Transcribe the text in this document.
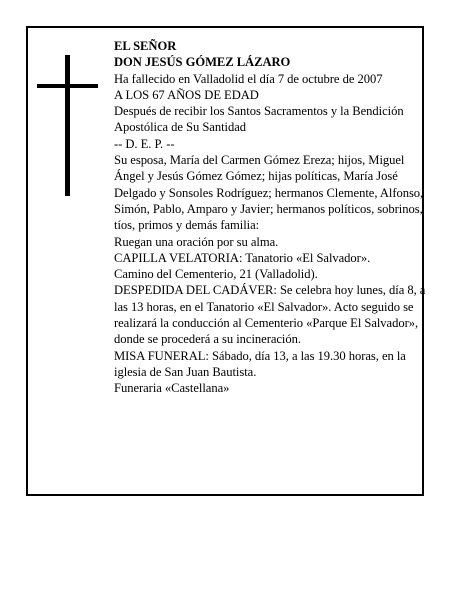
EL SEÑOR
DON JESÚS GÓMEZ LÁZARO
Ha fallecido en Valladolid el día 7 de octubre de 2007
A LOS 67 AÑOS DE EDAD
Después de recibir los Santos Sacramentos y la Bendición Apostólica de Su Santidad
-- D. E. P. --
Su esposa, María del Carmen Gómez Ereza; hijos, Miguel Ángel y Jesús Gómez Gómez; hijas políticas, María José Delgado y Sonsoles Rodríguez; hermanos Clemente, Alfonso, Simón, Pablo, Amparo y Javier; hermanos políticos, sobrinos, tíos, primos y demás familia:
Ruegan una oración por su alma.
CAPILLA VELATORIA: Tanatorio «El Salvador».
Camino del Cementerio, 21 (Valladolid).
DESPEDIDA DEL CADÁVER: Se celebra hoy lunes, día 8, a las 13 horas, en el Tanatorio «El Salvador». Acto seguido se realizará la conducción al Cementerio «Parque El Salvador», donde se procederá a su incineración.
MISA FUNERAL: Sábado, día 13, a las 19.30 horas, en la iglesia de San Juan Bautista.
Funeraria «Castellana»
